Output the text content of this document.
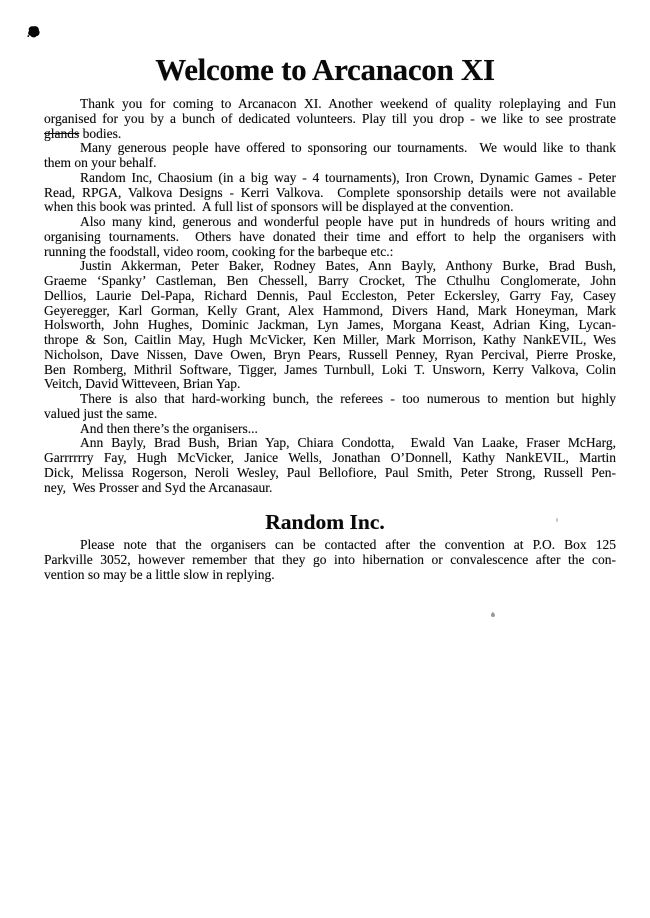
Welcome to Arcanacon XI
Thank you for coming to Arcanacon XI. Another weekend of quality roleplaying and Fun
organised for you by a bunch of dedicated volunteers. Play till you drop - we like to see prostrate
glands bodies.
Many generous people have offered to sponsoring our tournaments.  We would like to thank
them on your behalf.
Random Inc, Chaosium (in a big way - 4 tournaments), Iron Crown, Dynamic Games - Peter
Read, RPGA, Valkova Designs - Kerri Valkova.  Complete sponsorship details were not available
when this book was printed.  A full list of sponsors will be displayed at the convention.
Also many kind, generous and wonderful people have put in hundreds of hours writing and
organising tournaments.  Others have donated their time and effort to help the organisers with
running the foodstall, video room, cooking for the barbeque etc.:
Justin Akkerman, Peter Baker, Rodney Bates, Ann Bayly, Anthony Burke, Brad Bush,
Graeme ‘Spanky’ Castleman, Ben Chessell, Barry Crocket, The Cthulhu Conglomerate, John
Dellios, Laurie Del-Papa, Richard Dennis, Paul Eccleston, Peter Eckersley, Garry Fay, Casey
Geyeregger, Karl Gorman, Kelly Grant, Alex Hammond, Divers Hand, Mark Honeyman, Mark
Holsworth, John Hughes, Dominic Jackman, Lyn James, Morgana Keast, Adrian King, Lycan-
thrope & Son, Caitlin May, Hugh McVicker, Ken Miller, Mark Morrison, Kathy NankEVIL, Wes
Nicholson, Dave Nissen, Dave Owen, Bryn Pears, Russell Penney, Ryan Percival, Pierre Proske,
Ben Romberg, Mithril Software, Tigger, James Turnbull, Loki T. Unsworn, Kerry Valkova, Colin
Veitch, David Witteveen, Brian Yap.
There is also that hard-working bunch, the referees - too numerous to mention but highly
valued just the same.
And then there’s the organisers...
Ann Bayly, Brad Bush, Brian Yap, Chiara Condotta,  Ewald Van Laake, Fraser McHarg,
Garrrrrry Fay, Hugh McVicker, Janice Wells, Jonathan O’Donnell, Kathy NankEVIL, Martin
Dick, Melissa Rogerson, Neroli Wesley, Paul Bellofiore, Paul Smith, Peter Strong, Russell Pen-
ney,  Wes Prosser and Syd the Arcanasaur.
Random Inc.
Please note that the organisers can be contacted after the convention at P.O. Box 125
Parkville 3052, however remember that they go into hibernation or convalescence after the con-
vention so may be a little slow in replying.
